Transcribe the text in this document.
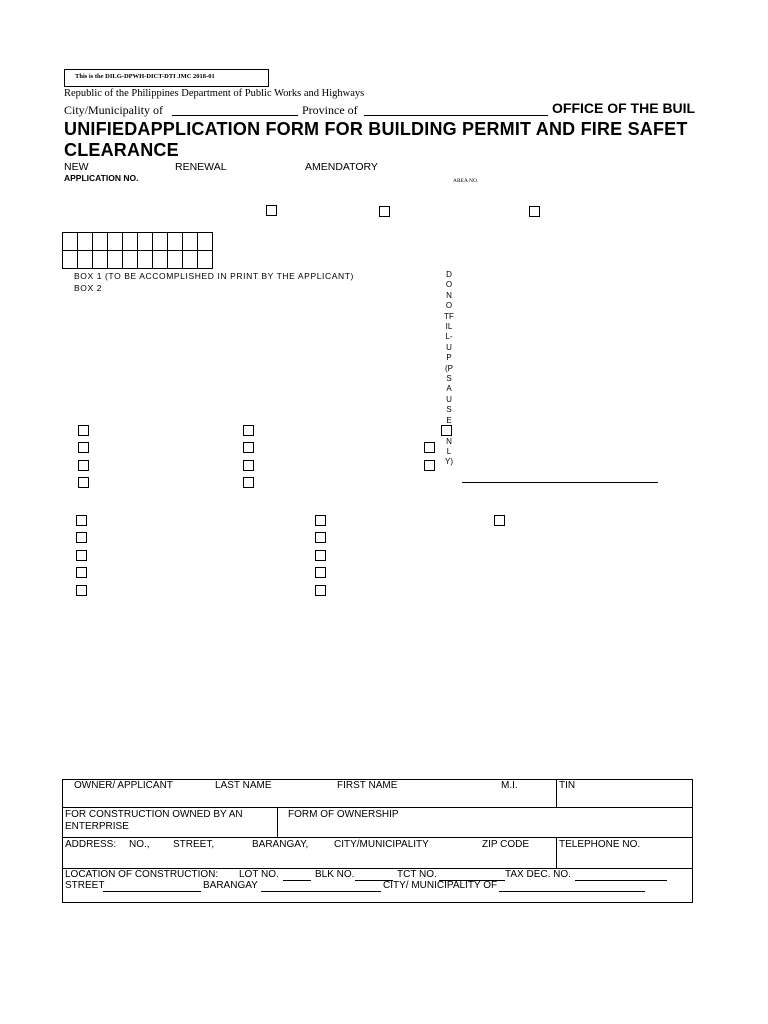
This is the DILG-DPWH-DICT-DTI JMC 2018-01
Republic of the Philippines Department of Public Works and Highways
City/Municipality of	Province of	OFFICE OF THE BUIL
UNIFIEDAPPLICATION FORM FOR BUILDING PERMIT AND FIRE SAFET
CLEARANCE
NEW	RENEWAL	AMENDATORY
APPLICATION NO.	AREA NO.

BOX 1 (TO BE ACCOMPLISHED IN PRINT BY THE APPLICANT)
BOX 2
DONOTFILL-UP(PSA USE NLY)
OWNER/ APPLICANT	LAST NAME	FIRST NAME	M.I.	TIN
FOR CONSTRUCTION OWNED BY AN
ENTERPRISE
FORM OF OWNERSHIP
ADDRESS: NO., STREET,	BARANGAY,	CITY/MUNICIPALITY	ZIP CODE	TELEPHONE NO.
LOCATION OF CONSTRUCTION: LOT NO.	BLK NO.	TCT NO.	TAX DEC. NO.
STREET	BARANGAY	CITY/ MUNICIPALITY OF
